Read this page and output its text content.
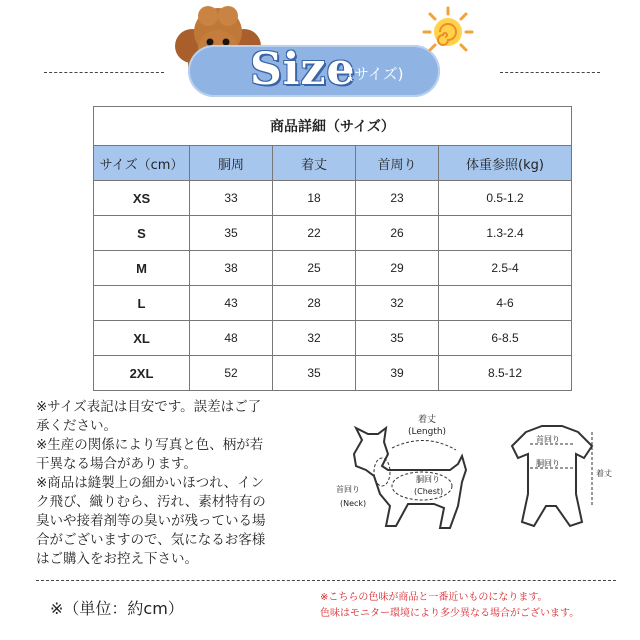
Size
(サイズ)
商品詳細（サイズ）				
サイズ（cm）	胴周	着丈	首周り	体重参照(kg)
XS	33	18	23	0.5-1.2
S	35	22	26	1.3-2.4
M	38	25	29	2.5-4
L	43	28	32	4-6
XL	48	32	35	6-8.5
2XL	52	35	39	8.5-12

※サイズ表記は目安です。誤差はご了

承ください。

※生産の関係により写真と色、柄が若

干異なる場合があります。

※商品は縫製上の細かいほつれ、イン

ク飛び、織りむら、汚れ、素材特有の

臭いや接着剤等の臭いが残っている場

合がございますので、気になるお客様

はご購入をお控え下さい。

着丈
(Length)
胴回り
(Chest)
首回り
(Neck)
首回り
胴回り
着丈
※（単位：約cm）

※こちらの色味が商品と一番近いものになります。

色味はモニター環境により多少異なる場合がございます。
